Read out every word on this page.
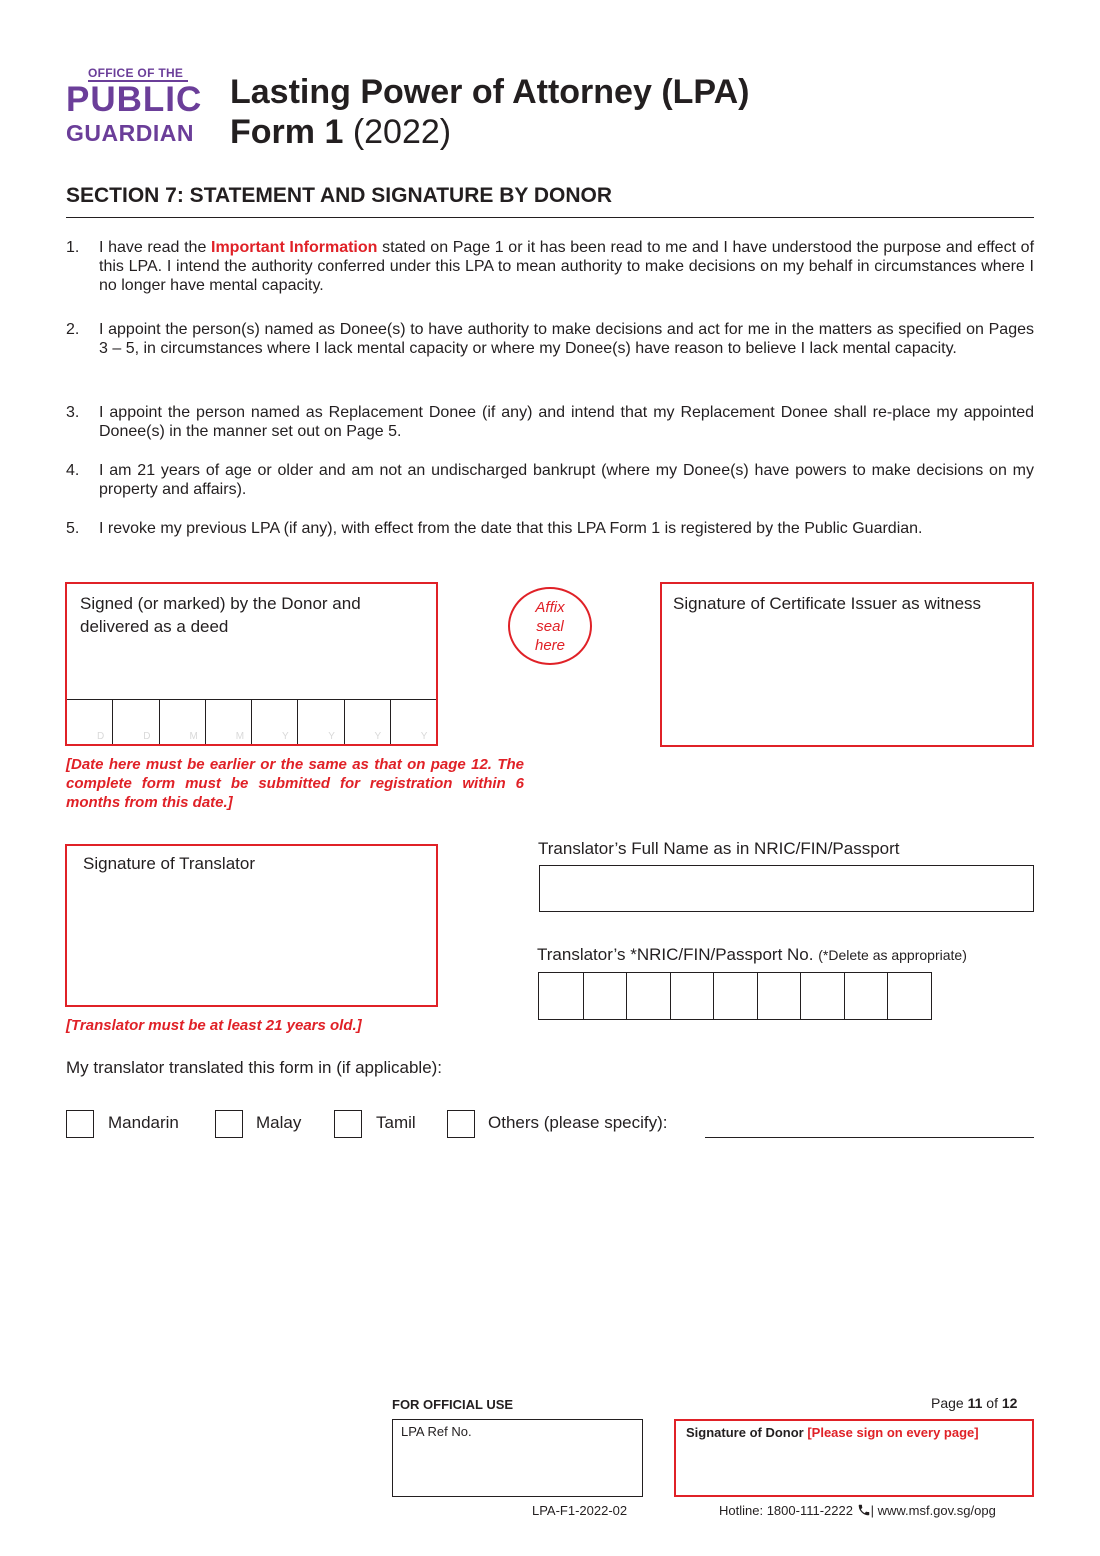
OFFICE OF THE
PUBLIC
GUARDIAN
Lasting Power of Attorney (LPA)
Form 1 (2022)
SECTION 7: STATEMENT AND SIGNATURE BY DONOR
1. I have read the Important Information stated on Page 1 or it has been read to me and I have understood the purpose and effect of this LPA. I intend the authority conferred under this LPA to mean authority to make decisions on my behalf in circumstances where I no longer have mental capacity.
2. I appoint the person(s) named as Donee(s) to have authority to make decisions and act for me in the matters as specified on Pages 3 – 5, in circumstances where I lack mental capacity or where my Donee(s) have reason to believe I lack mental capacity.
3. I appoint the person named as Replacement Donee (if any) and intend that my Replacement Donee shall re‑place my appointed Donee(s) in the manner set out on Page 5.
4. I am 21 years of age or older and am not an undischarged bankrupt (where my Donee(s) have powers to make decisions on my property and affairs).
5. I revoke my previous LPA (if any), with effect from the date that this LPA Form 1 is registered by the Public Guardian.
Signed (or marked) by the Donor and delivered as a deed
D	D	M	M	Y	Y	Y	Y
Affix
seal
here
Signature of Certificate Issuer as witness
[Date here must be earlier or the same as that on page 12. The complete form must be submitted for registration within 6 months from this date.]
Signature of Translator
[Translator must be at least 21 years old.]
Translator’s Full Name as in NRIC/FIN/Passport
Translator’s *NRIC/FIN/Passport No. (*Delete as appropriate)
My translator translated this form in (if applicable):
Mandarin	Malay	Tamil	Others (please specify):
FOR OFFICIAL USE	Page 11 of 12
LPA Ref No.	Signature of Donor [Please sign on every page]
LPA-F1-2022-02	Hotline: 1800-111-2222 | www.msf.gov.sg/opg
